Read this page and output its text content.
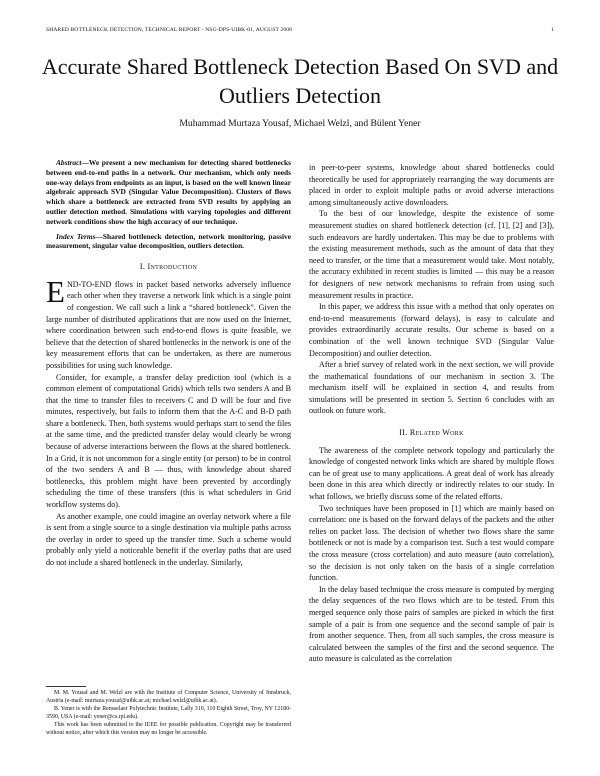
SHARED BOTTLENECK DETECTION, TECHNICAL REPORT - NSG-DPS-UIBK-01, AUGUST 2008	1
Accurate Shared Bottleneck Detection Based On SVD and Outliers Detection
Muhammad Murtaza Yousaf, Michael Welzl, and Bülent Yener
Abstract—We present a new mechanism for detecting shared bottlenecks between end-to-end paths in a network. Our mechanism, which only needs one-way delays from endpoints as an input, is based on the well known linear algebraic approach SVD (Singular Value Decomposition). Clusters of flows which share a bottleneck are extracted from SVD results by applying an outlier detection method. Simulations with varying topologies and different network conditions show the high accuracy of our technique.
Index Terms—Shared bottleneck detection, network monitoring, passive measurement, singular value decomposition, outliers detection.
I. Introduction

END-TO-END flows in packet based networks adversely influence each other when they traverse a network link which is a single point of congestion. We call such a link a “shared bottleneck”. Given the large number of distributed applications that are now used on the Internet, where coordination between such end-to-end flows is quite feasible, we believe that the detection of shared bottlenecks in the network is one of the key measurement efforts that can be undertaken, as there are numerous possibilities for using such knowledge.

Consider, for example, a transfer delay prediction tool (which is a common element of computational Grids) which tells two senders A and B that the time to transfer files to receivers C and D will be four and five minutes, respectively, but fails to inform them that the A-C and B-D path share a bottleneck. Then, both systems would perhaps start to send the files at the same time, and the predicted transfer delay would clearly be wrong because of adverse interactions between the flows at the shared bottleneck. In a Grid, it is not uncommon for a single entity (or person) to be in control of the two senders A and B — thus, with knowledge about shared bottlenecks, this problem might have been prevented by accordingly scheduling the time of these transfers (this is what schedulers in Grid workflow systems do).

As another example, one could imagine an overlay network where a file is sent from a single source to a single destination via multiple paths across the overlay in order to speed up the transfer time. Such a scheme would probably only yield a noticeable benefit if the overlay paths that are used do not include a shared bottleneck in the underlay. Similarly,

M. M. Yousaf and M. Welzl are with the Institute of Computer Science, University of Innsbruck, Austria (e-mail: murtaza.yousaf@uibk.ac.at; michael.welzl@uibk.ac.at).

B. Yener is with the Rensselaer Polytechnic Institute, Lally 310, 110 Eighth Street, Troy, NY 12180-3590, USA (e-mail: yener@cs.rpi.edu).

This work has been submitted to the IEEE for possible publication. Copyright may be transferred without notice, after which this version may no longer be accessible.

in peer-to-peer systems, knowledge about shared bottlenecks could theoretically be used for appropriately rearranging the way documents are placed in order to exploit multiple paths or avoid adverse interactions among simultaneously active downloaders.

To the best of our knowledge, despite the existence of some measurement studies on shared bottleneck detection (cf. [1], [2] and [3]), such endeavors are hardly undertaken. This may be due to problems with the existing measurement methods, such as the amount of data that they need to transfer, or the time that a measurement would take. Most notably, the accuracy exhibited in recent studies is limited — this may be a reason for designers of new network mechanisms to refrain from using such measurement results in practice.

In this paper, we address this issue with a method that only operates on end-to-end measurements (forward delays), is easy to calculate and provides extraordinarily accurate results. Our scheme is based on a combination of the well known technique SVD (Singular Value Decomposition) and outlier detection.

After a brief survey of related work in the next section, we will provide the mathematical foundations of our mechanism in section 3. The mechanism itself will be explained in section 4, and results from simulations will be presented in section 5. Section 6 concludes with an outlook on future work.

II. Related Work

The awareness of the complete network topology and particularly the knowledge of congested network links which are shared by multiple flows can be of great use to many applications. A great deal of work has already been done in this area which directly or indirectly relates to our study. In what follows, we briefly discuss some of the related efforts.

Two techniques have been proposed in [1] which are mainly based on correlation: one is based on the forward delays of the packets and the other relies on packet loss. The decision of whether two flows share the same bottleneck or not is made by a comparison test. Such a test would compare the cross measure (cross correlation) and auto measure (auto correlation), so the decision is not only taken on the basis of a single correlation function.

In the delay based technique the cross measure is computed by merging the delay sequences of the two flows which are to be tested. From this merged sequence only those pairs of samples are picked in which the first sample of a pair is from one sequence and the second sample of pair is from another sequence. Then, from all such samples, the cross measure is calculated between the samples of the first and the second sequence. The auto measure is calculated as the correlation
